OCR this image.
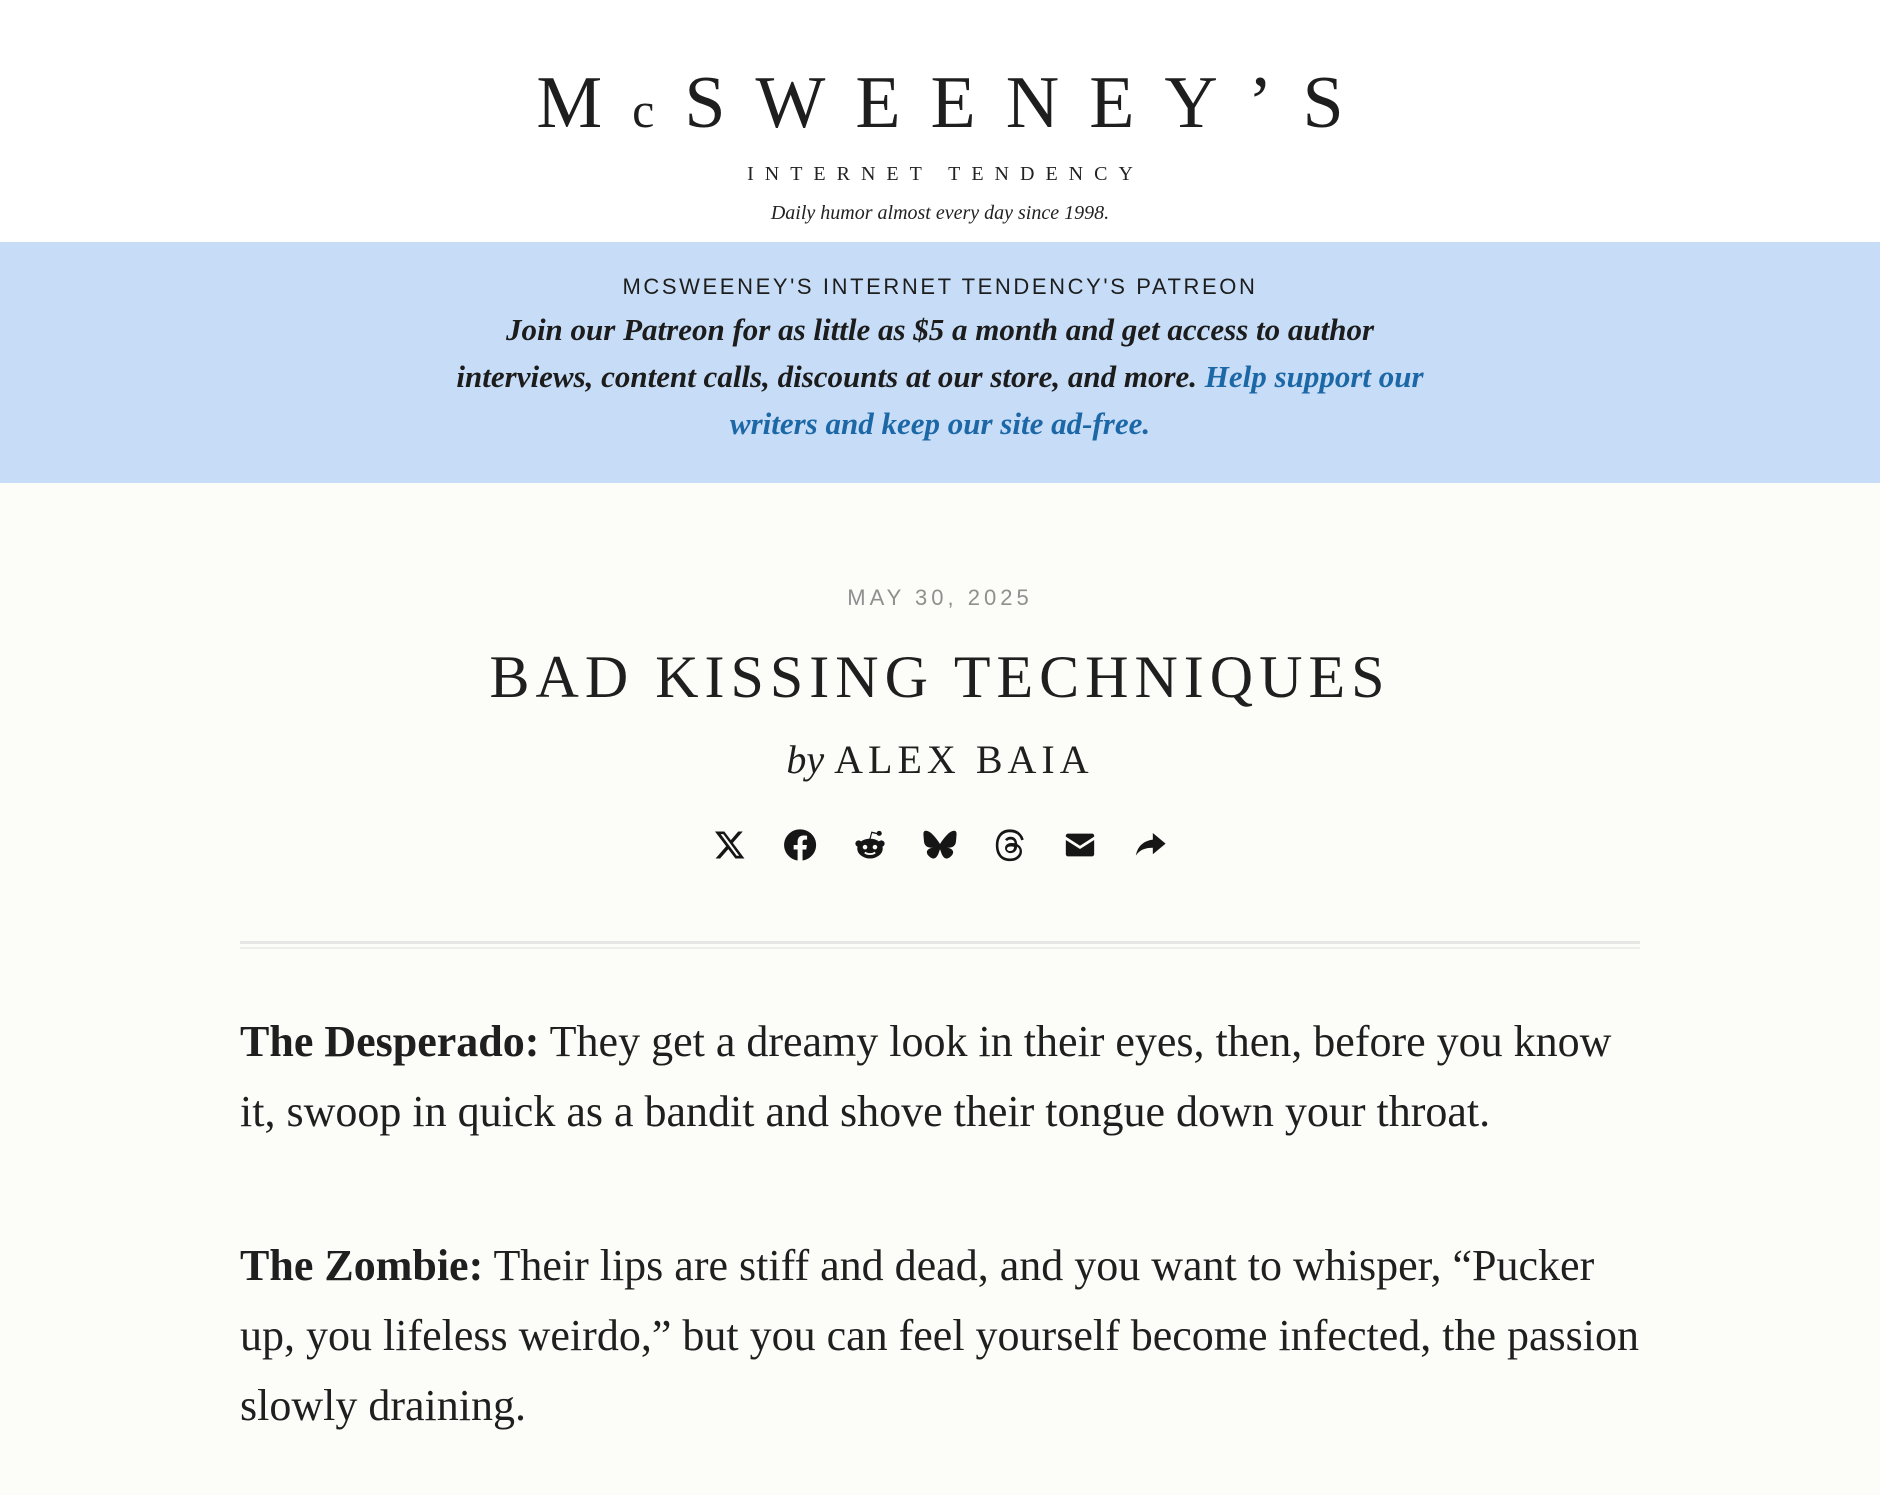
McSWEENEY’S
INTERNET TENDENCY
Daily humor almost every day since 1998.
MCSWEENEY'S INTERNET TENDENCY'S PATREON
Join our Patreon for as little as $5 a month and get access to author interviews, content calls, discounts at our store, and more. Help support our writers and keep our site ad-free.
MAY 30, 2025
BAD KISSING TECHNIQUES
by ALEX BAIA

The Desperado: They get a dreamy look in their eyes, then, before you know it, swoop in quick as a bandit and shove their tongue down your throat.

The Zombie: Their lips are stiff and dead, and you want to whisper, “Pucker up, you lifeless weirdo,” but you can feel yourself become infected, the passion slowly draining.
